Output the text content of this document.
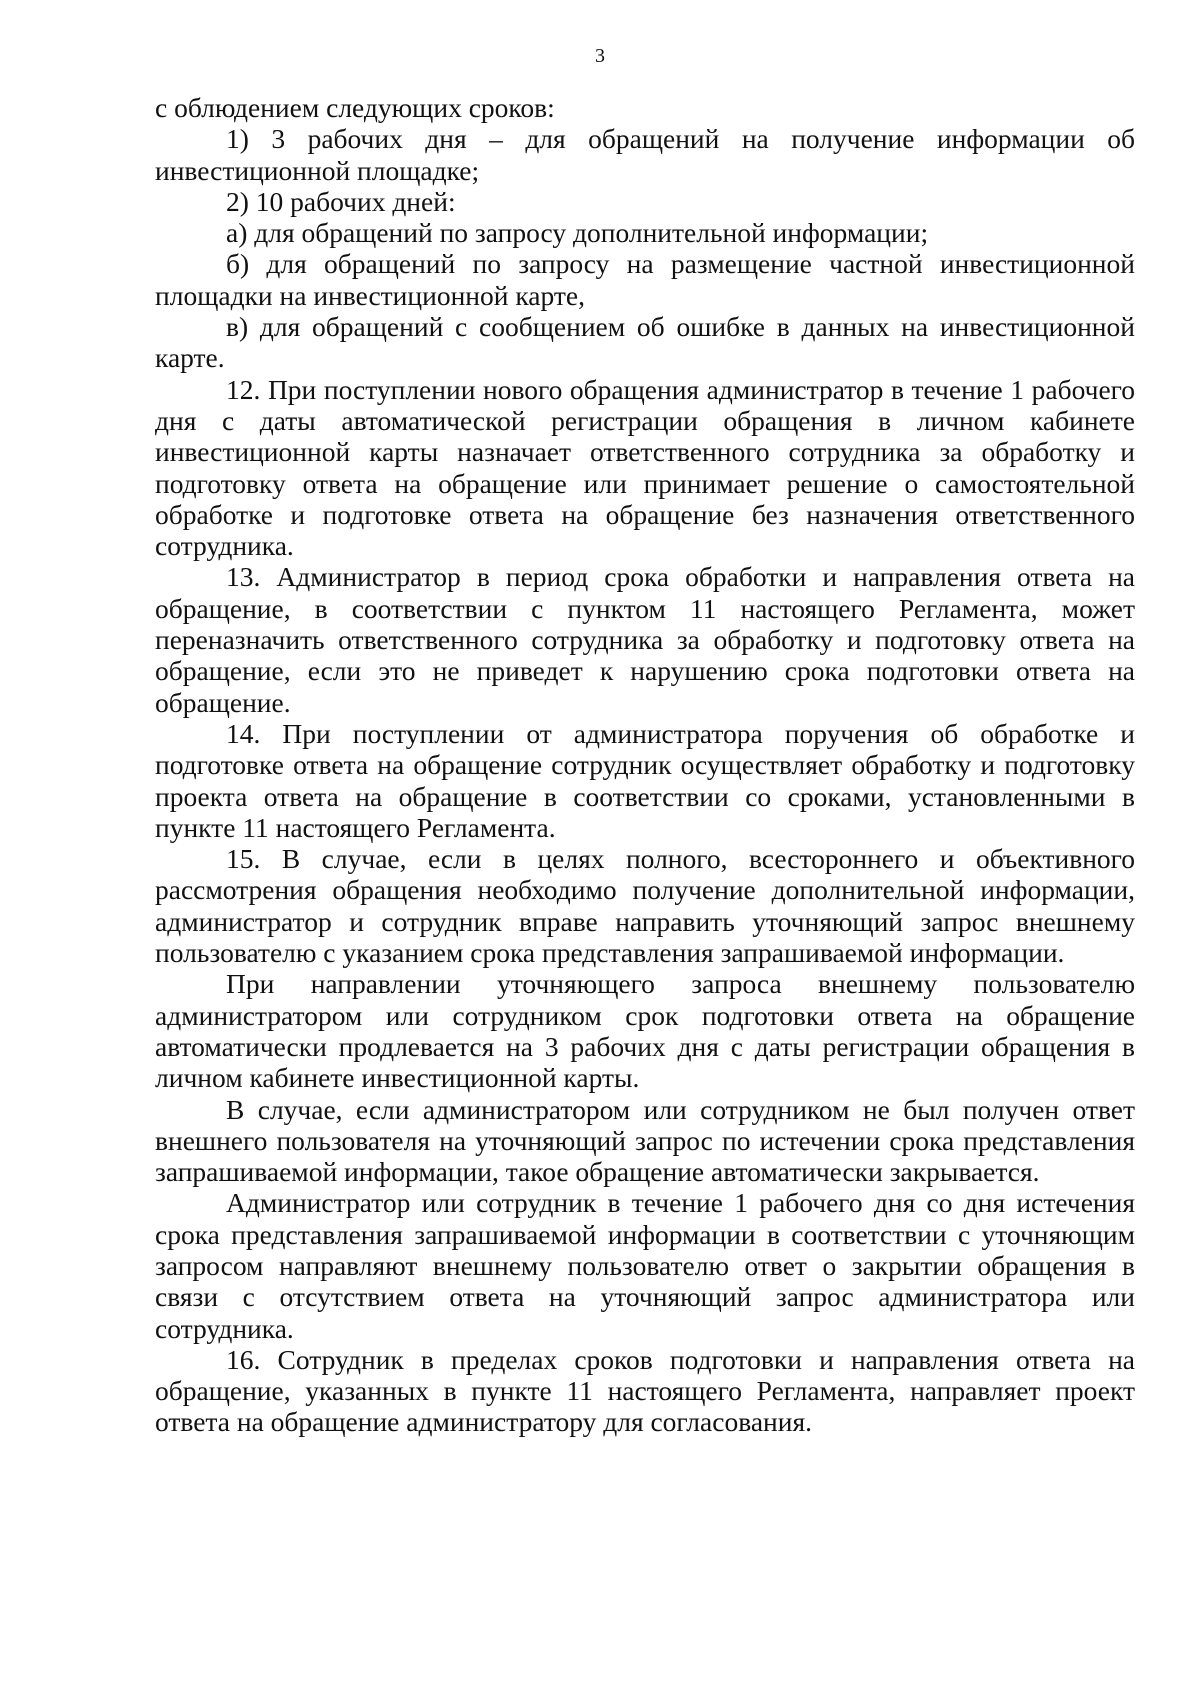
3

с облюдением следующих сроков:

1) 3 рабочих дня – для обращений на получение информации об инвестиционной площадке;

2) 10 рабочих дней:

а) для обращений по запросу дополнительной информации;

б) для обращений по запросу на размещение частной инвестиционной площадки на инвестиционной карте,

в) для обращений с сообщением об ошибке в данных на инвестиционной карте.

12. При поступлении нового обращения администратор в течение 1 рабочего дня с даты автоматической регистрации обращения в личном кабинете инвестиционной карты назначает ответственного сотрудника за обработку и подготовку ответа на обращение или принимает решение о самостоятельной обработке и подготовке ответа на обращение без назначения ответственного сотрудника.

13. Администратор в период срока обработки и направления ответа на обращение, в соответствии с пунктом 11 настоящего Регламента, может переназначить ответственного сотрудника за обработку и подготовку ответа на обращение, если это не приведет к нарушению срока подготовки ответа на обращение.

14. При поступлении от администратора поручения об обработке и подготовке ответа на обращение сотрудник осуществляет обработку и подготовку проекта ответа на обращение в соответствии со сроками, установленными в пункте 11 настоящего Регламента.

15. В случае, если в целях полного, всестороннего и объективного рассмотрения обращения необходимо получение дополнительной информации, администратор и сотрудник вправе направить уточняющий запрос внешнему пользователю с указанием срока представления запрашиваемой информации.

При направлении уточняющего запроса внешнему пользователю администратором или сотрудником срок подготовки ответа на обращение автоматически продлевается на 3 рабочих дня с даты регистрации обращения в личном кабинете инвестиционной карты.

В случае, если администратором или сотрудником не был получен ответ внешнего пользователя на уточняющий запрос по истечении срока представления запрашиваемой информации, такое обращение автоматически закрывается.

Администратор или сотрудник в течение 1 рабочего дня со дня истечения срока представления запрашиваемой информации в соответствии с уточняющим запросом направляют внешнему пользователю ответ о закрытии обращения в связи с отсутствием ответа на уточняющий запрос администратора или сотрудника.

16. Сотрудник в пределах сроков подготовки и направления ответа на обращение, указанных в пункте 11 настоящего Регламента, направляет проект ответа на обращение администратору для согласования.
